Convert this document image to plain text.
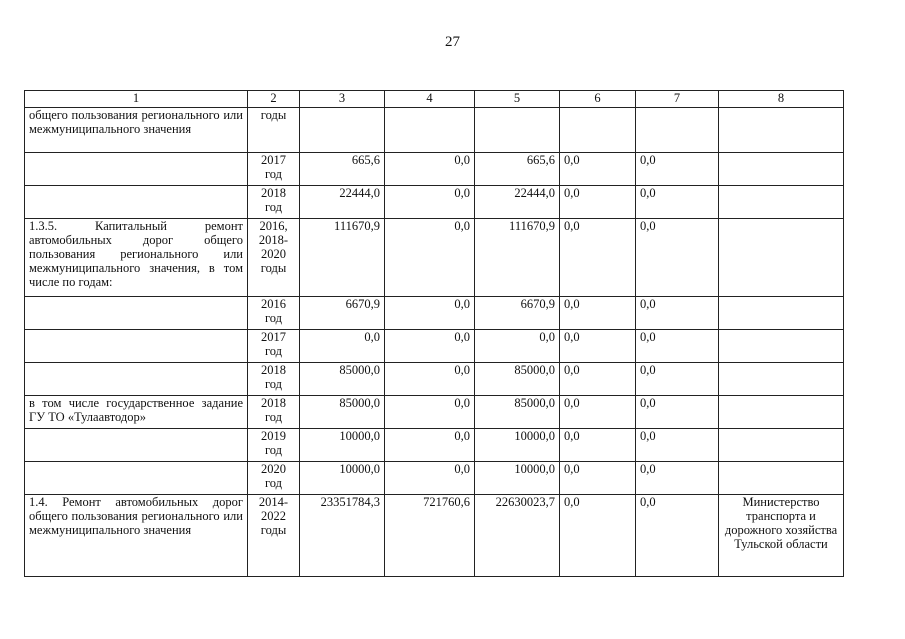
27
1	2	3	4	5	6	7	8
общего пользования регионального или межмуниципального значения	годы						
	2017 год	665,6	0,0	665,6	0,0	0,0	
	2018 год	22444,0	0,0	22444,0	0,0	0,0	
1.3.5. Капитальный ремонт автомобильных дорог общего пользования регионального или межмуниципального значения, в том числе по годам:	2016, 2018-2020 годы	111670,9	0,0	111670,9	0,0	0,0	
	2016 год	6670,9	0,0	6670,9	0,0	0,0	
	2017 год	0,0	0,0	0,0	0,0	0,0	
	2018 год	85000,0	0,0	85000,0	0,0	0,0	
в том числе государственное задание ГУ ТО «Тулаавтодор»	2018 год	85000,0	0,0	85000,0	0,0	0,0	
	2019 год	10000,0	0,0	10000,0	0,0	0,0	
	2020 год	10000,0	0,0	10000,0	0,0	0,0	
1.4. Ремонт автомобильных дорог общего пользования регионального или межмуниципального значения	2014-2022 годы	23351784,3	721760,6	22630023,7	0,0	0,0	Министерство транспорта и дорожного хозяйства Тульской области
